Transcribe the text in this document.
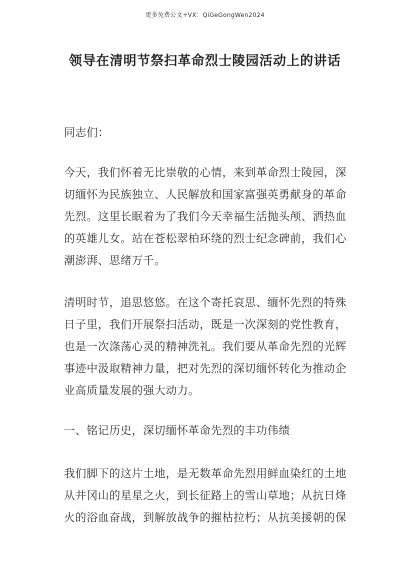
更多免费公文+VX：QiGeGongWen2024
领导在清明节祭扫革命烈士陵园活动上的讲话
同志们：
今天，我们怀着无比崇敬的心情，来到革命烈士陵园，深
切缅怀为民族独立、人民解放和国家富强英勇献身的革命
先烈。这里长眠着为了我们今天幸福生活抛头颅、洒热血
的英雄儿女。站在苍松翠柏环绕的烈士纪念碑前，我们心
潮澎湃、思绪万千。
清明时节，追思悠悠。在这个寄托哀思、缅怀先烈的特殊
日子里，我们开展祭扫活动，既是一次深刻的党性教育，
也是一次涤荡心灵的精神洗礼。我们要从革命先烈的光辉
事迹中汲取精神力量，把对先烈的深切缅怀转化为推动企
业高质量发展的强大动力。
一、铭记历史，深切缅怀革命先烈的丰功伟绩
我们脚下的这片土地，是无数革命先烈用鲜血染红的土地
从井冈山的星星之火，到长征路上的雪山草地；从抗日烽
火的浴血奋战，到解放战争的摧枯拉朽；从抗美援朝的保
